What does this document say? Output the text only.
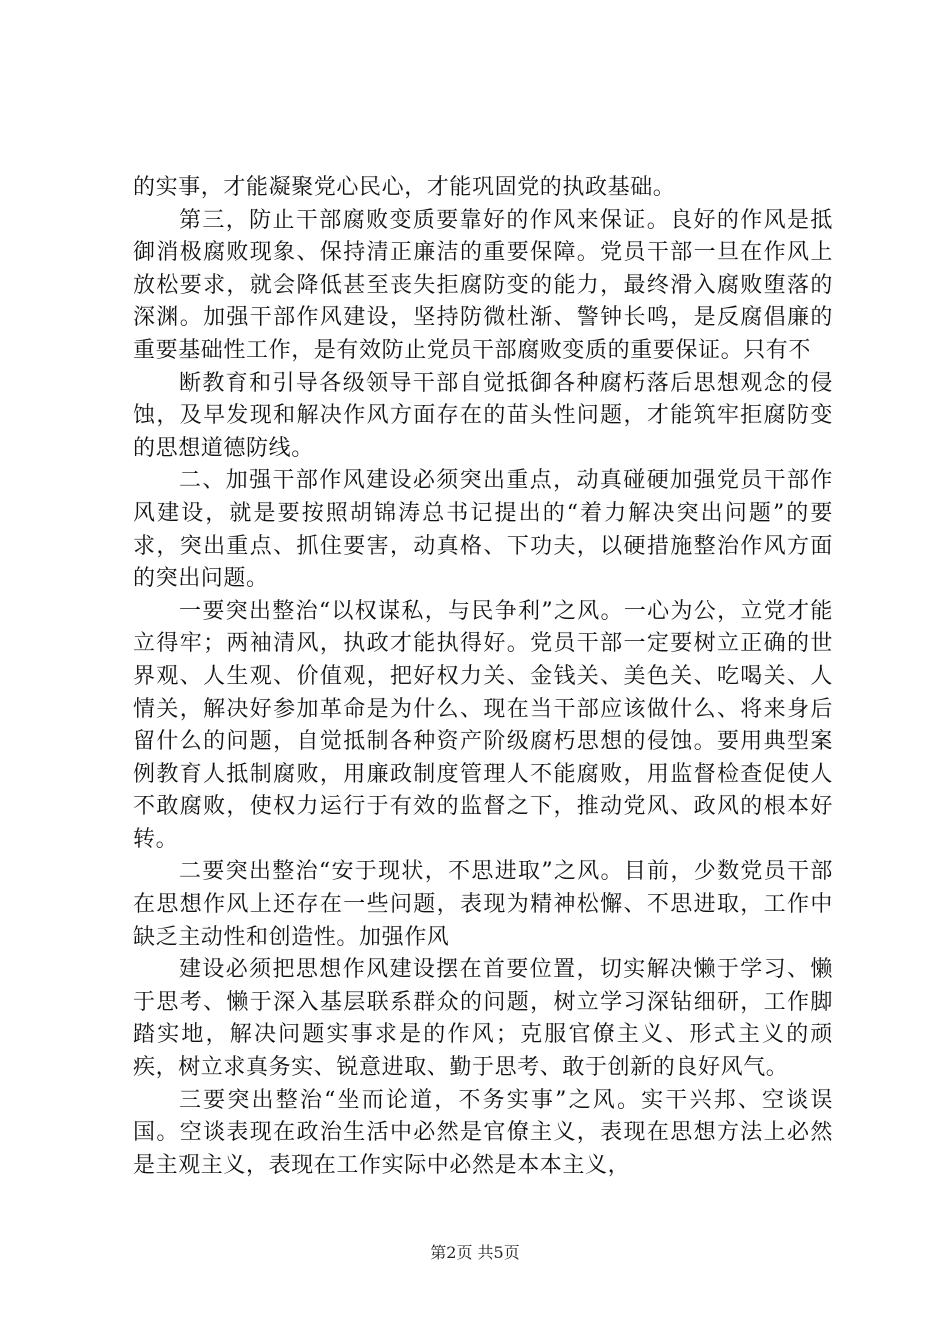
的实事，才能凝聚党心民心，才能巩固党的执政基础。

第三，防止干部腐败变质要靠好的作风来保证。良好的作风是抵御消极腐败现象、保持清正廉洁的重要保障。党员干部一旦在作风上放松要求，就会降低甚至丧失拒腐防变的能力，最终滑入腐败堕落的深渊。加强干部作风建设，坚持防微杜渐、警钟长鸣，是反腐倡廉的重要基础性工作，是有效防止党员干部腐败变质的重要保证。只有不

断教育和引导各级领导干部自觉抵御各种腐朽落后思想观念的侵蚀，及早发现和解决作风方面存在的苗头性问题，才能筑牢拒腐防变的思想道德防线。

二、加强干部作风建设必须突出重点，动真碰硬加强党员干部作风建设，就是要按照胡锦涛总书记提出的“着力解决突出问题”的要求，突出重点、抓住要害，动真格、下功夫，以硬措施整治作风方面的突出问题。

一要突出整治“以权谋私，与民争利”之风。一心为公，立党才能立得牢；两袖清风，执政才能执得好。党员干部一定要树立正确的世界观、人生观、价值观，把好权力关、金钱关、美色关、吃喝关、人情关，解决好参加革命是为什么、现在当干部应该做什么、将来身后留什么的问题，自觉抵制各种资产阶级腐朽思想的侵蚀。要用典型案例教育人抵制腐败，用廉政制度管理人不能腐败，用监督检查促使人不敢腐败，使权力运行于有效的监督之下，推动党风、政风的根本好转。

二要突出整治“安于现状，不思进取”之风。目前，少数党员干部在思想作风上还存在一些问题，表现为精神松懈、不思进取，工作中缺乏主动性和创造性。加强作风

建设必须把思想作风建设摆在首要位置，切实解决懒于学习、懒于思考、懒于深入基层联系群众的问题，树立学习深钻细研，工作脚踏实地，解决问题实事求是的作风；克服官僚主义、形式主义的顽疾，树立求真务实、锐意进取、勤于思考、敢于创新的良好风气。

三要突出整治“坐而论道，不务实事”之风。实干兴邦、空谈误国。空谈表现在政治生活中必然是官僚主义，表现在思想方法上必然是主观主义，表现在工作实际中必然是本本主义，

第2页 共5页
